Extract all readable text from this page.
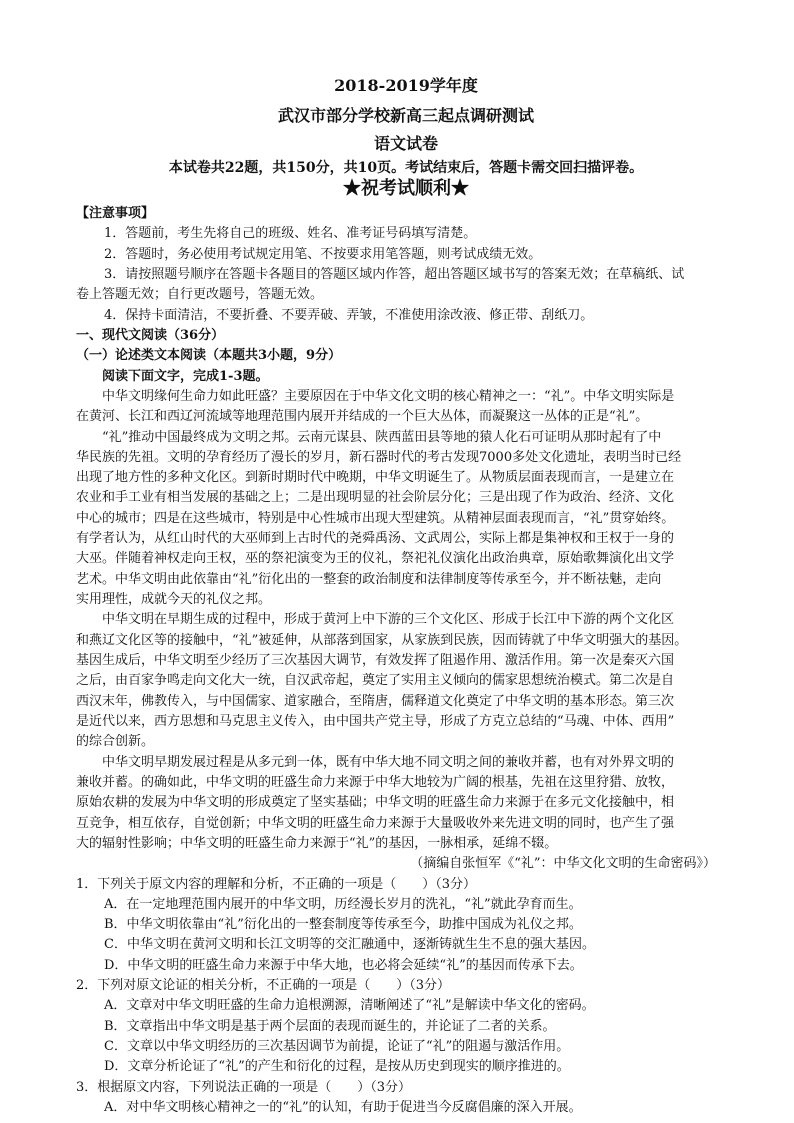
2018-2019学年度
武汉市部分学校新高三起点调研测试
语文试卷
本试卷共22题，共150分，共10页。考试结束后，答题卡需交回扫描评卷。
★祝考试顺利★
【注意事项】
1．答题前，考生先将自己的班级、姓名、准考证号码填写清楚。
2．答题时，务必使用考试规定用笔、不按要求用笔答题，则考试成绩无效。
3．请按照题号顺序在答题卡各题目的答题区域内作答，超出答题区域书写的答案无效；在草稿纸、试
卷上答题无效；自行更改题号，答题无效。
4．保持卡面清洁，不要折叠、不要弄破、弄皱，不准使用涂改液、修正带、刮纸刀。
一、现代文阅读（36分）
（一）论述类文本阅读（本题共3小题，9分）
阅读下面文字，完成1-3题。
中华文明缘何生命力如此旺盛？主要原因在于中华文化文明的核心精神之一：“礼”。中华文明实际是
在黄河、长江和西辽河流域等地理范围内展开并结成的一个巨大丛体，而凝聚这一丛体的正是“礼”。
“礼”推动中国最终成为文明之邦。云南元谋县、陕西蓝田县等地的猿人化石可证明从那时起有了中
华民族的先祖。文明的孕育经历了漫长的岁月，新石器时代的考古发现7000多处文化遗址，表明当时已经
出现了地方性的多种文化区。到新时期时代中晚期，中华文明诞生了。从物质层面表现而言，一是建立在
农业和手工业有相当发展的基础之上；二是出现明显的社会阶层分化；三是出现了作为政治、经济、文化
中心的城市；四是在这些城市，特别是中心性城市出现大型建筑。从精神层面表现而言，“礼”贯穿始终。
有学者认为，从红山时代的大巫师到上古时代的尧舜禹汤、文武周公，实际上都是集神权和王权于一身的
大巫。伴随着神权走向王权，巫的祭祀演变为王的仪礼，祭祀礼仪演化出政治典章，原始歌舞演化出文学
艺术。中华文明由此依靠由“礼”衍化出的一整套的政治制度和法律制度等传承至今，并不断祛魅，走向
实用理性，成就今天的礼仪之邦。
中华文明在早期生成的过程中，形成于黄河上中下游的三个文化区、形成于长江中下游的两个文化区
和燕辽文化区等的接触中，“礼”被延伸，从部落到国家，从家族到民族，因而铸就了中华文明强大的基因。
基因生成后，中华文明至少经历了三次基因大调节，有效发挥了阻遏作用、激活作用。第一次是秦灭六国
之后，由百家争鸣走向文化大一统，自汉武帝起，奠定了实用主义倾向的儒家思想统治模式。第二次是自
西汉末年，佛教传入，与中国儒家、道家融合，至隋唐，儒释道文化奠定了中华文明的基本形态。第三次
是近代以来，西方思想和马克思主义传入，由中国共产党主导，形成了方克立总结的“马魂、中体、西用”
的综合创新。
中华文明早期发展过程是从多元到一体，既有中华大地不同文明之间的兼收并蓄，也有对外界文明的
兼收并蓄。的确如此，中华文明的旺盛生命力来源于中华大地较为广阔的根基，先祖在这里狩猎、放牧，
原始农耕的发展为中华文明的形成奠定了坚实基础；中华文明的旺盛生命力来源于在多元文化接触中，相
互竞争，相互依存，自觉创新；中华文明的旺盛生命力来源于大量吸收外来先进文明的同时，也产生了强
大的辐射性影响；中华文明的旺盛生命力来源于“礼”的基因，一脉相承，延绵不辍。
（摘编自张恒军《“礼”：中华文化文明的生命密码》）
1．下列关于原文内容的理解和分析，不正确的一项是（　　）（3分）
A．在一定地理范围内展开的中华文明，历经漫长岁月的洗礼，“礼”就此孕育而生。
B．中华文明依靠由“礼”衍化出的一整套制度等传承至今，助推中国成为礼仪之邦。
C．中华文明在黄河文明和长江文明等的交汇融通中，逐渐铸就生生不息的强大基因。
D．中华文明的旺盛生命力来源于中华大地，也必将会延续“礼”的基因而传承下去。
2．下列对原文论证的相关分析，不正确的一项是（　　）（3分）
A．文章对中华文明旺盛的生命力追根溯源，清晰阐述了“礼”是解读中华文化的密码。
B．文章指出中华文明是基于两个层面的表现而诞生的，并论证了二者的关系。
C．文章以中华文明经历的三次基因调节为前提，论证了“礼”的阻遏与激活作用。
D．文章分析论证了“礼”的产生和衍化的过程，是按从历史到现实的顺序推进的。
3．根据原文内容，下列说法正确的一项是（　　）（3分）
A．对中华文明核心精神之一的“礼”的认知，有助于促进当今反腐倡廉的深入开展。
